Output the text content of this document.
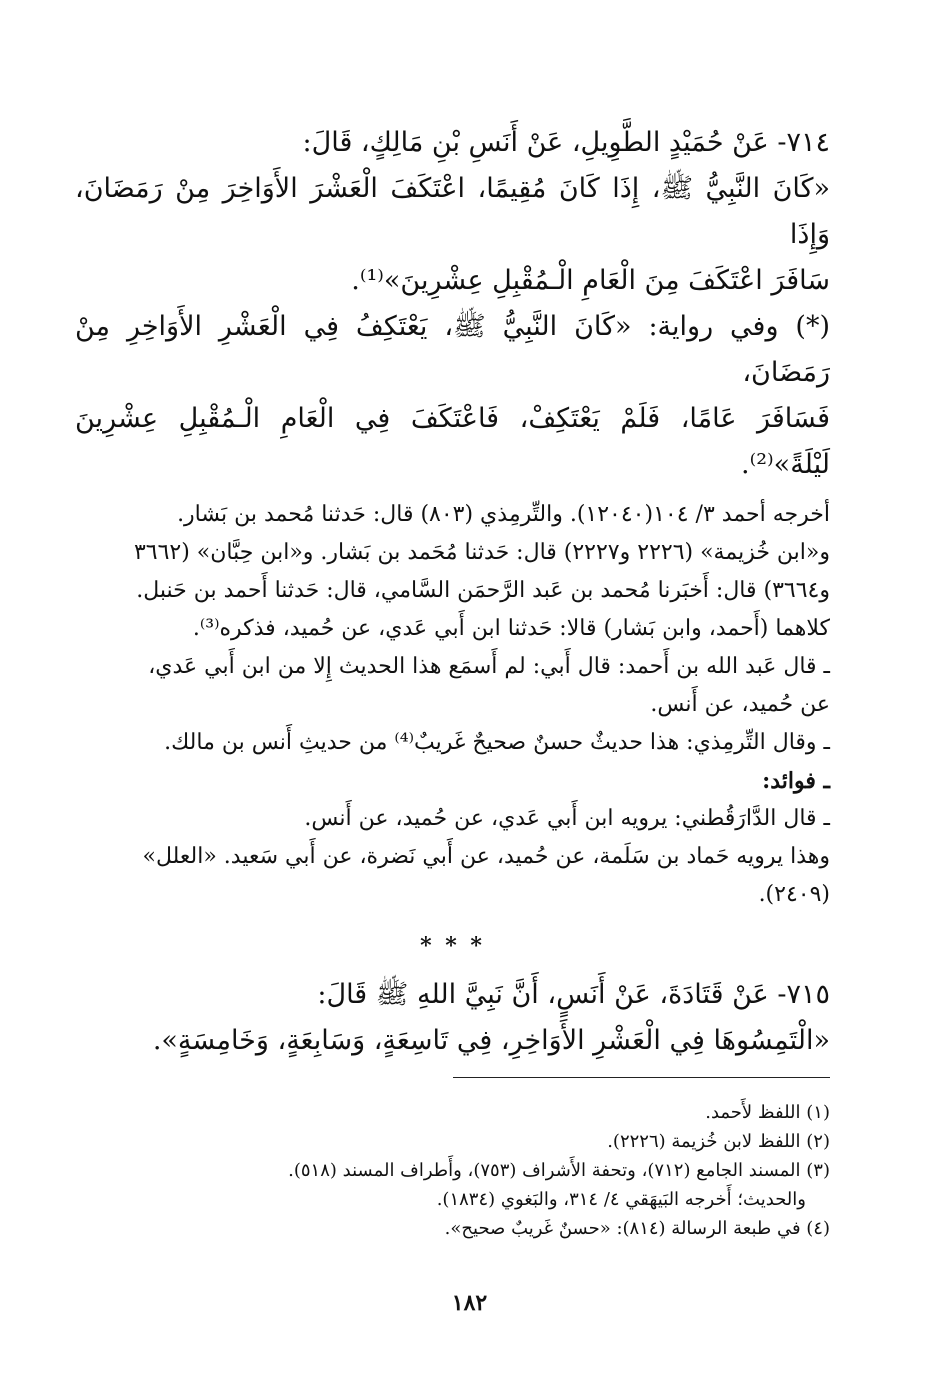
٧١٤- عَنْ حُمَيْدٍ الطَّوِيلِ، عَنْ أَنَسِ بْنِ مَالِكٍ، قَالَ:

«كَانَ النَّبِيُّ ﷺ، إِذَا كَانَ مُقِيمًا، اعْتَكَفَ الْعَشْرَ الأَوَاخِرَ مِنْ رَمَضَانَ، وَإِذَا

سَافَرَ اعْتَكَفَ مِنَ الْعَامِ الْـمُقْبِلِ عِشْرِينَ»⁽¹⁾.

(*) وفي رواية: «كَانَ النَّبِيُّ ﷺ، يَعْتَكِفُ فِي الْعَشْرِ الأَوَاخِرِ مِنْ رَمَضَانَ،

فَسَافَرَ عَامًا، فَلَمْ يَعْتَكِفْ، فَاعْتَكَفَ فِي الْعَامِ الْـمُقْبِلِ عِشْرِينَ لَيْلَةً»⁽²⁾.

أخرجه أحمد ٣/ ١٠٤(١٢٠٤٠). والتِّرمِذي (٨٠٣) قال: حَدثنا مُحمد بن بَشار.

و«ابن خُزيمة» (٢٢٢٦ و٢٢٢٧) قال: حَدثنا مُحَمد بن بَشار. و«ابن حِبَّان» (٣٦٦٢

و٣٦٦٤) قال: أَخبَرنا مُحمد بن عَبد الرَّحمَن السَّامي، قال: حَدثنا أَحمد بن حَنبل.

كلاهما (أَحمد، وابن بَشار) قالا: حَدثنا ابن أَبي عَدي، عن حُميد، فذكره⁽³⁾.

ـ قال عَبد الله بن أَحمد: قال أَبي: لم أَسمَع هذا الحديث إِلا من ابن أَبي عَدي،

عن حُميد، عن أَنس.

ـ وقال التِّرمِذي: هذا حديثٌ حسنٌ صحيحٌ غَريبٌ⁽⁴⁾ من حديثِ أَنس بن مالك.

ـ فوائد:

ـ قال الدَّارَقُطني: يرويه ابن أَبي عَدي، عن حُميد، عن أَنس.

وهذا يرويه حَماد بن سَلَمة، عن حُميد، عن أَبي نَضرة، عن أَبي سَعيد. «العلل»

(٢٤٠٩).

* * *

٧١٥- عَنْ قَتَادَةَ، عَنْ أَنَسٍ، أَنَّ نَبِيَّ اللهِ ﷺ قَالَ:

«الْتَمِسُوهَا فِي الْعَشْرِ الأَوَاخِرِ، فِي تَاسِعَةٍ، وَسَابِعَةٍ، وَخَامِسَةٍ».

(١) اللفظ لأَحمد.

(٢) اللفظ لابن خُزيمة (٢٢٢٦).

(٣) المسند الجامع (٧١٢)، وتحفة الأَشراف (٧٥٣)، وأَطراف المسند (٥١٨).

والحديث؛ أَخرجه البَيهَقي ٤/ ٣١٤، والبَغوي (١٨٣٤).

(٤) في طبعة الرسالة (٨١٤): «حسنٌ غَريبٌ صحيح».

١٨٢
